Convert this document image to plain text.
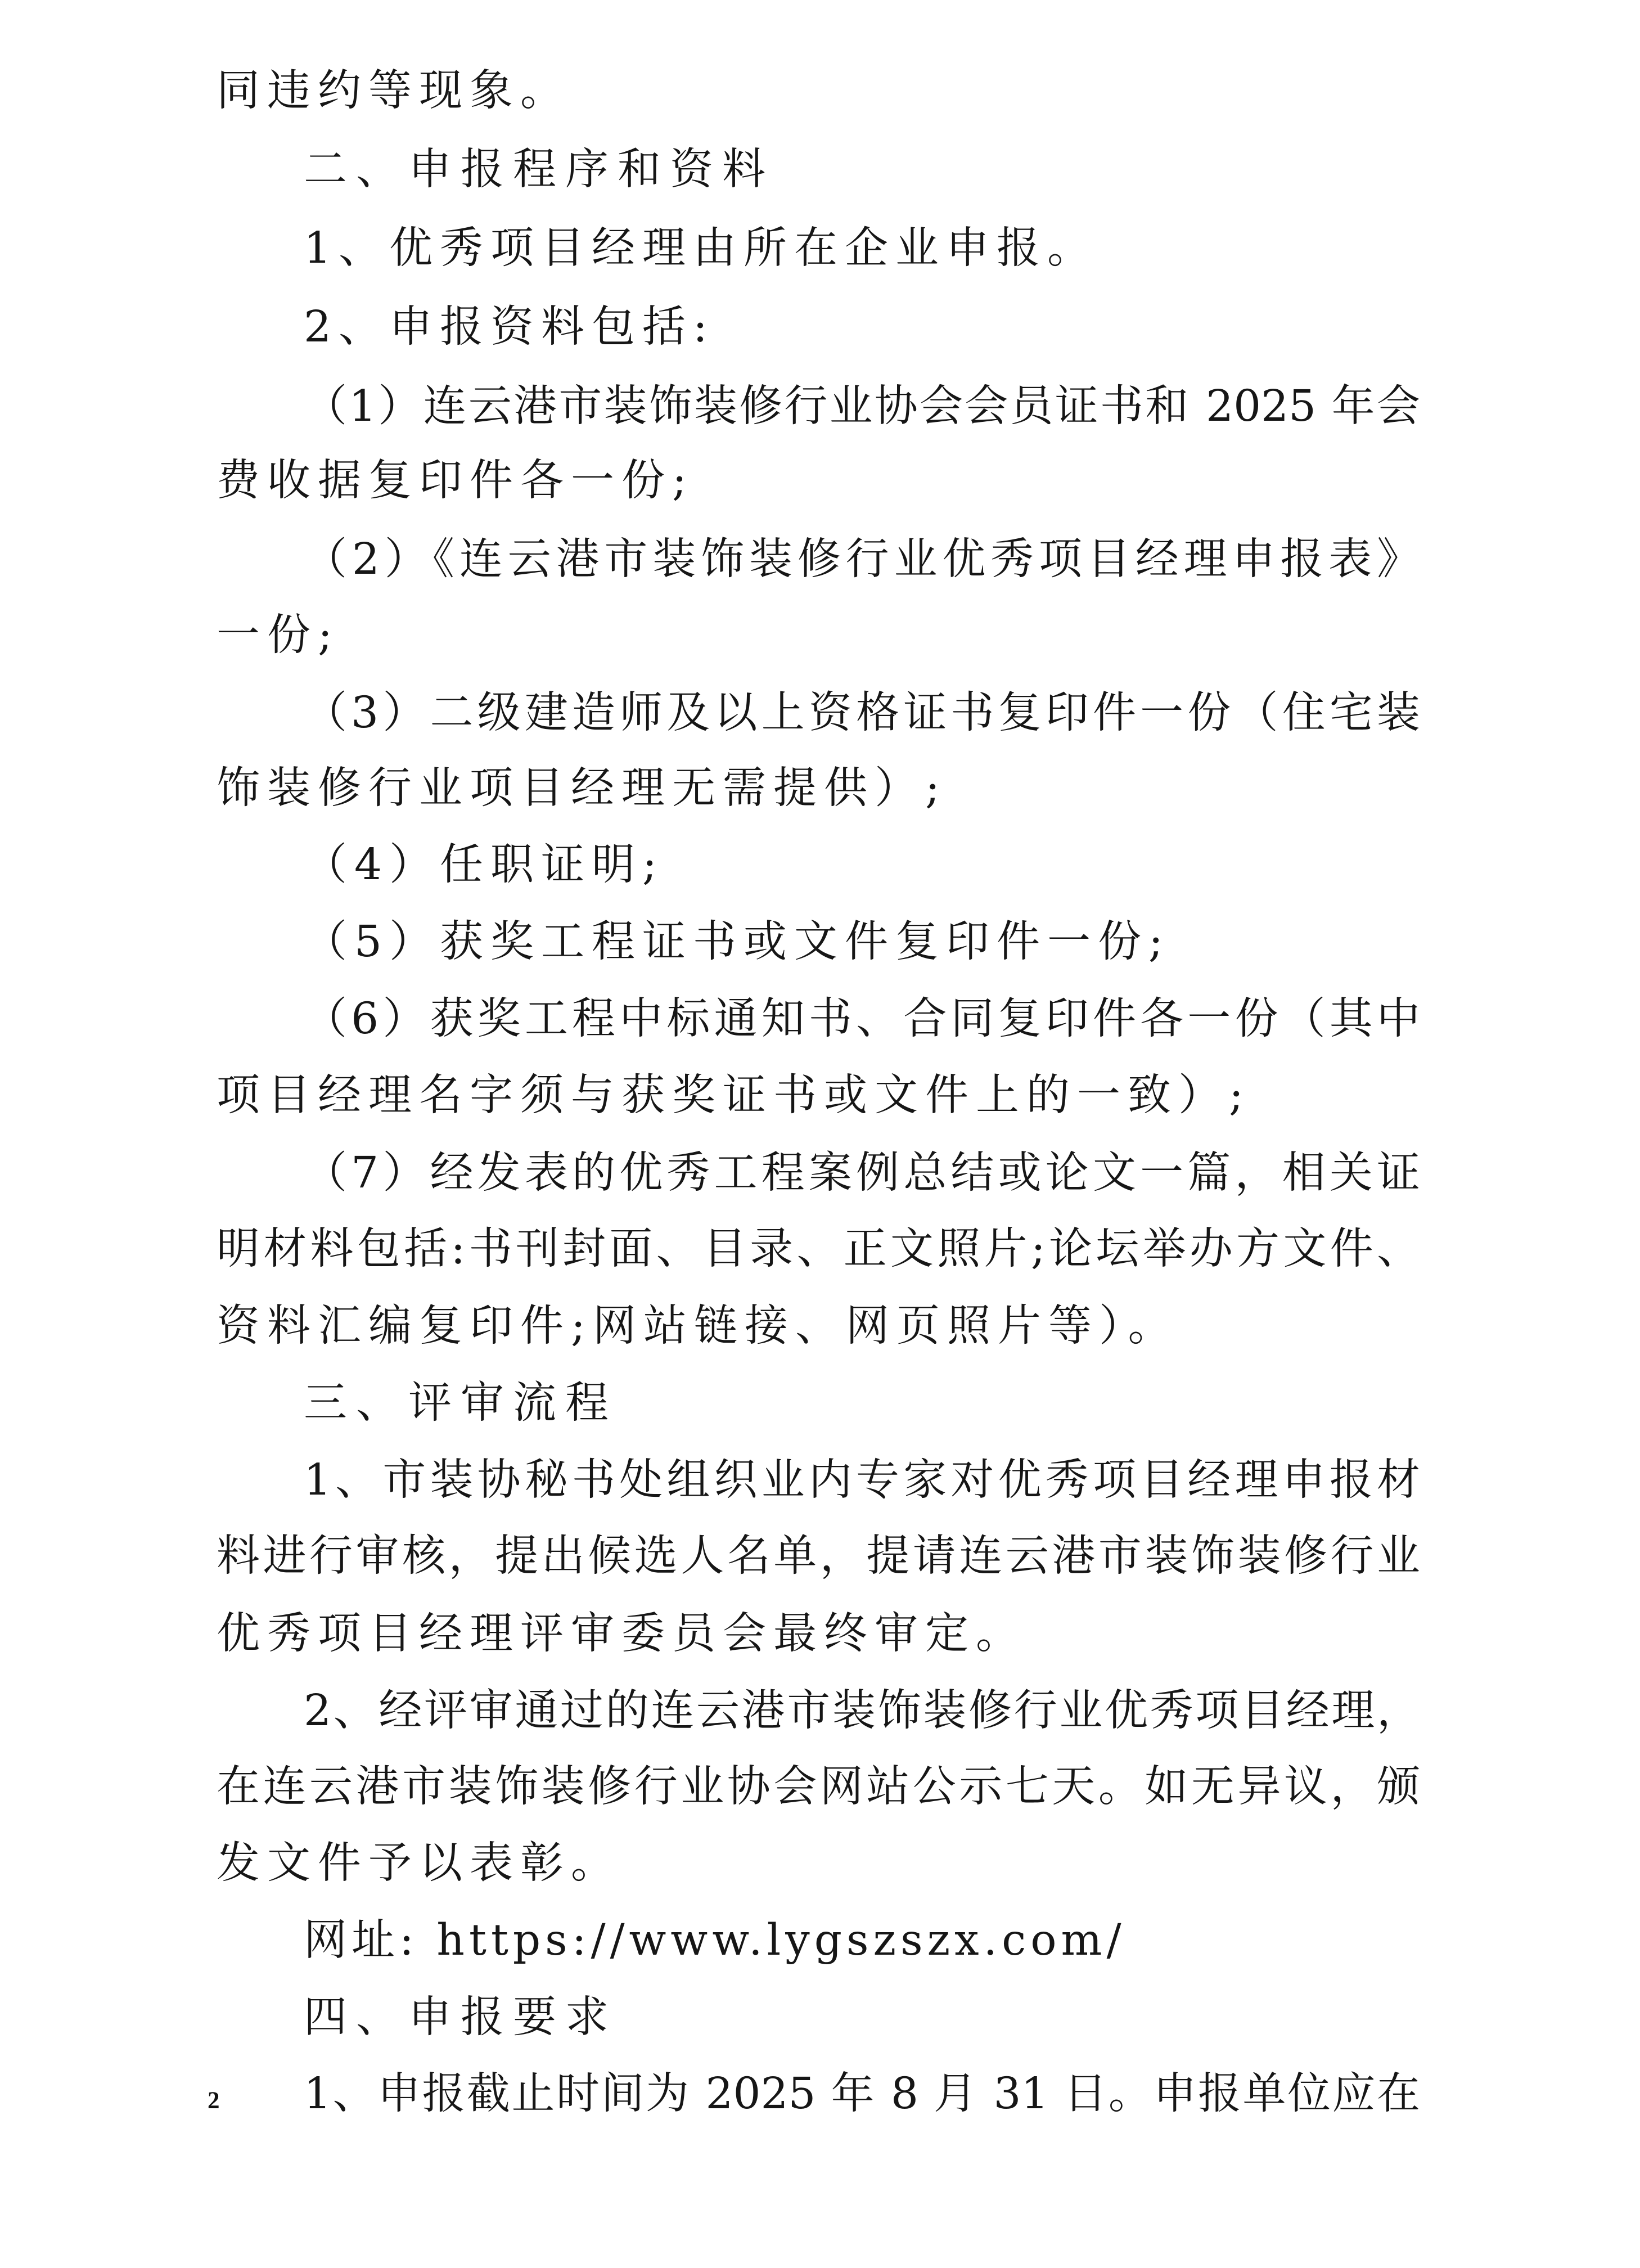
同违约等现象。

二、申报程序和资料

1、优秀项目经理由所在企业申报。

2、申报资料包括:

（1）连云港市装饰装修行业协会会员证书和 2025 年会

费收据复印件各一份;

（2）《连云港市装饰装修行业优秀项目经理申报表》

一份;

（3）二级建造师及以上资格证书复印件一份（住宅装

饰装修行业项目经理无需提供）;

（4）任职证明;

（5）获奖工程证书或文件复印件一份;

（6）获奖工程中标通知书、合同复印件各一份（其中

项目经理名字须与获奖证书或文件上的一致）;

（7）经发表的优秀工程案例总结或论文一篇，相关证

明材料包括:书刊封面、目录、正文照片;论坛举办方文件、

资料汇编复印件;网站链接、网页照片等）。

三、评审流程

1、市装协秘书处组织业内专家对优秀项目经理申报材

料进行审核，提出候选人名单，提请连云港市装饰装修行业

优秀项目经理评审委员会最终审定。

2、经评审通过的连云港市装饰装修行业优秀项目经理，

在连云港市装饰装修行业协会网站公示七天。如无异议，颁

发文件予以表彰。

网址: https://www.lygszszx.com/

四、申报要求

1、申报截止时间为 2025 年 8 月 31 日。申报单位应在

2
